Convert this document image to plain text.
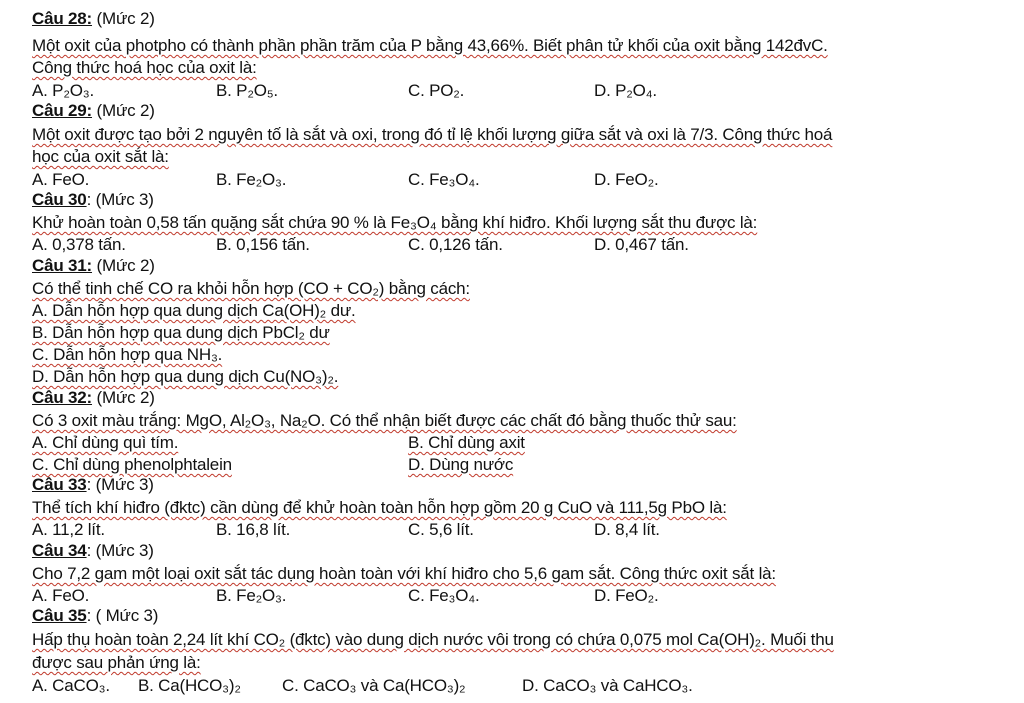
Câu 28: (Mức 2)
Một oxit của photpho có thành phần phần trăm của P bằng 43,66%. Biết phân tử khối của oxit bằng 142đvC.
Công thức hoá học của oxit là:
A. P₂O₃.	B. P₂O₅.	C. PO₂.	D. P₂O₄.
Câu 29: (Mức 2)
Một oxit được tạo bởi 2 nguyên tố là sắt và oxi, trong đó tỉ lệ khối lượng giữa sắt và oxi là 7/3. Công thức hoá
học của oxit sắt là:
A. FeO.	B. Fe₂O₃.	C. Fe₃O₄.	D. FeO₂.
Câu 30: (Mức 3)
Khử hoàn toàn 0,58 tấn quặng sắt chứa 90 % là Fe₃O₄ bằng khí hiđro. Khối lượng sắt thu được là:
A. 0,378 tấn.	B. 0,156 tấn.	C. 0,126 tấn.	D. 0,467 tấn.
Câu 31: (Mức 2)
Có thể tinh chế CO ra khỏi hỗn hợp (CO + CO₂) bằng cách:
A. Dẫn hỗn hợp qua dung dịch Ca(OH)₂ dư.
B. Dẫn hỗn hợp qua dung dịch PbCl₂ dư
C. Dẫn hỗn hợp qua NH₃.
D. Dẫn hỗn hợp qua dung dịch Cu(NO₃)₂.
Câu 32: (Mức 2)
Có 3 oxit màu trắng: MgO, Al₂O₃, Na₂O. Có thể nhận biết được các chất đó bằng thuốc thử sau:
A. Chỉ dùng quì tím.	B. Chỉ dùng axit
C. Chỉ dùng phenolphtalein	D. Dùng nước
Câu 33: (Mức 3)
Thể tích khí hiđro (đktc) cần dùng để khử hoàn toàn hỗn hợp gồm 20 g CuO và 111,5g PbO là:
A. 11,2 lít.	B. 16,8 lít.	C. 5,6 lít.	D. 8,4 lít.
Câu 34: (Mức 3)
Cho 7,2 gam một loại oxit sắt tác dụng hoàn toàn với khí hiđro cho 5,6 gam sắt. Công thức oxit sắt là:
A. FeO.	B. Fe₂O₃.	C. Fe₃O₄.	D. FeO₂.
Câu 35: ( Mức 3)
Hấp thụ hoàn toàn 2,24 lít khí CO₂ (đktc) vào dung dịch nước vôi trong có chứa 0,075 mol Ca(OH)₂. Muối thu
được sau phản ứng là:
A. CaCO₃. B. Ca(HCO₃)₂ C. CaCO₃ và Ca(HCO₃)₂	D. CaCO₃ và CaHCO₃.
